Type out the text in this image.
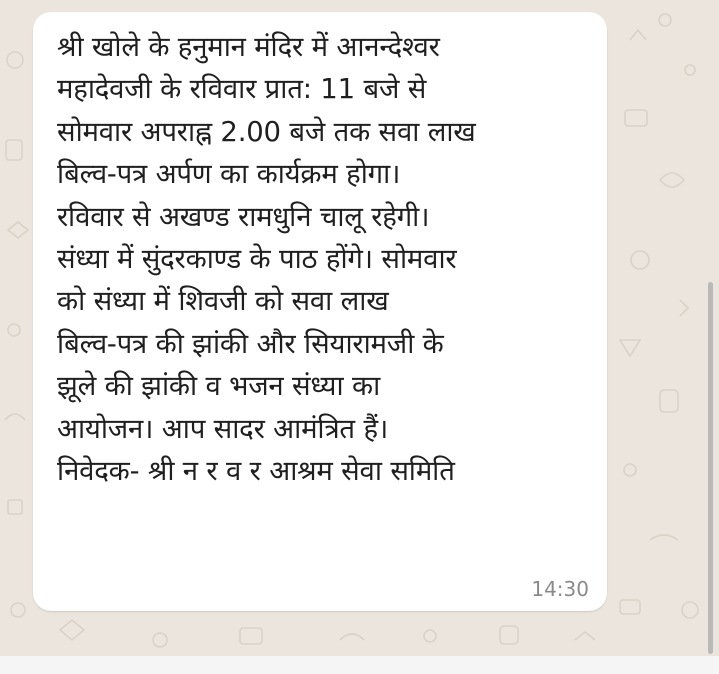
श्री खोले के हनुमान मंदिर में आनन्देश्वर
महादेवजी के रविवार प्रात: 11 बजे से
सोमवार अपराह्न 2.00 बजे तक सवा लाख
बिल्व-पत्र अर्पण का कार्यक्रम होगा।
रविवार से अखण्ड रामधुनि चालू रहेगी।
संध्या में सुंदरकाण्ड के पाठ होंगे। सोमवार
को संध्या में शिवजी को सवा लाख
बिल्व-पत्र की झांकी और सियारामजी के
झूले की झांकी व भजन संध्या का
आयोजन। आप सादर आमंत्रित हैं।
निवेदक- श्री न र व र आश्रम सेवा समिति

14:30
